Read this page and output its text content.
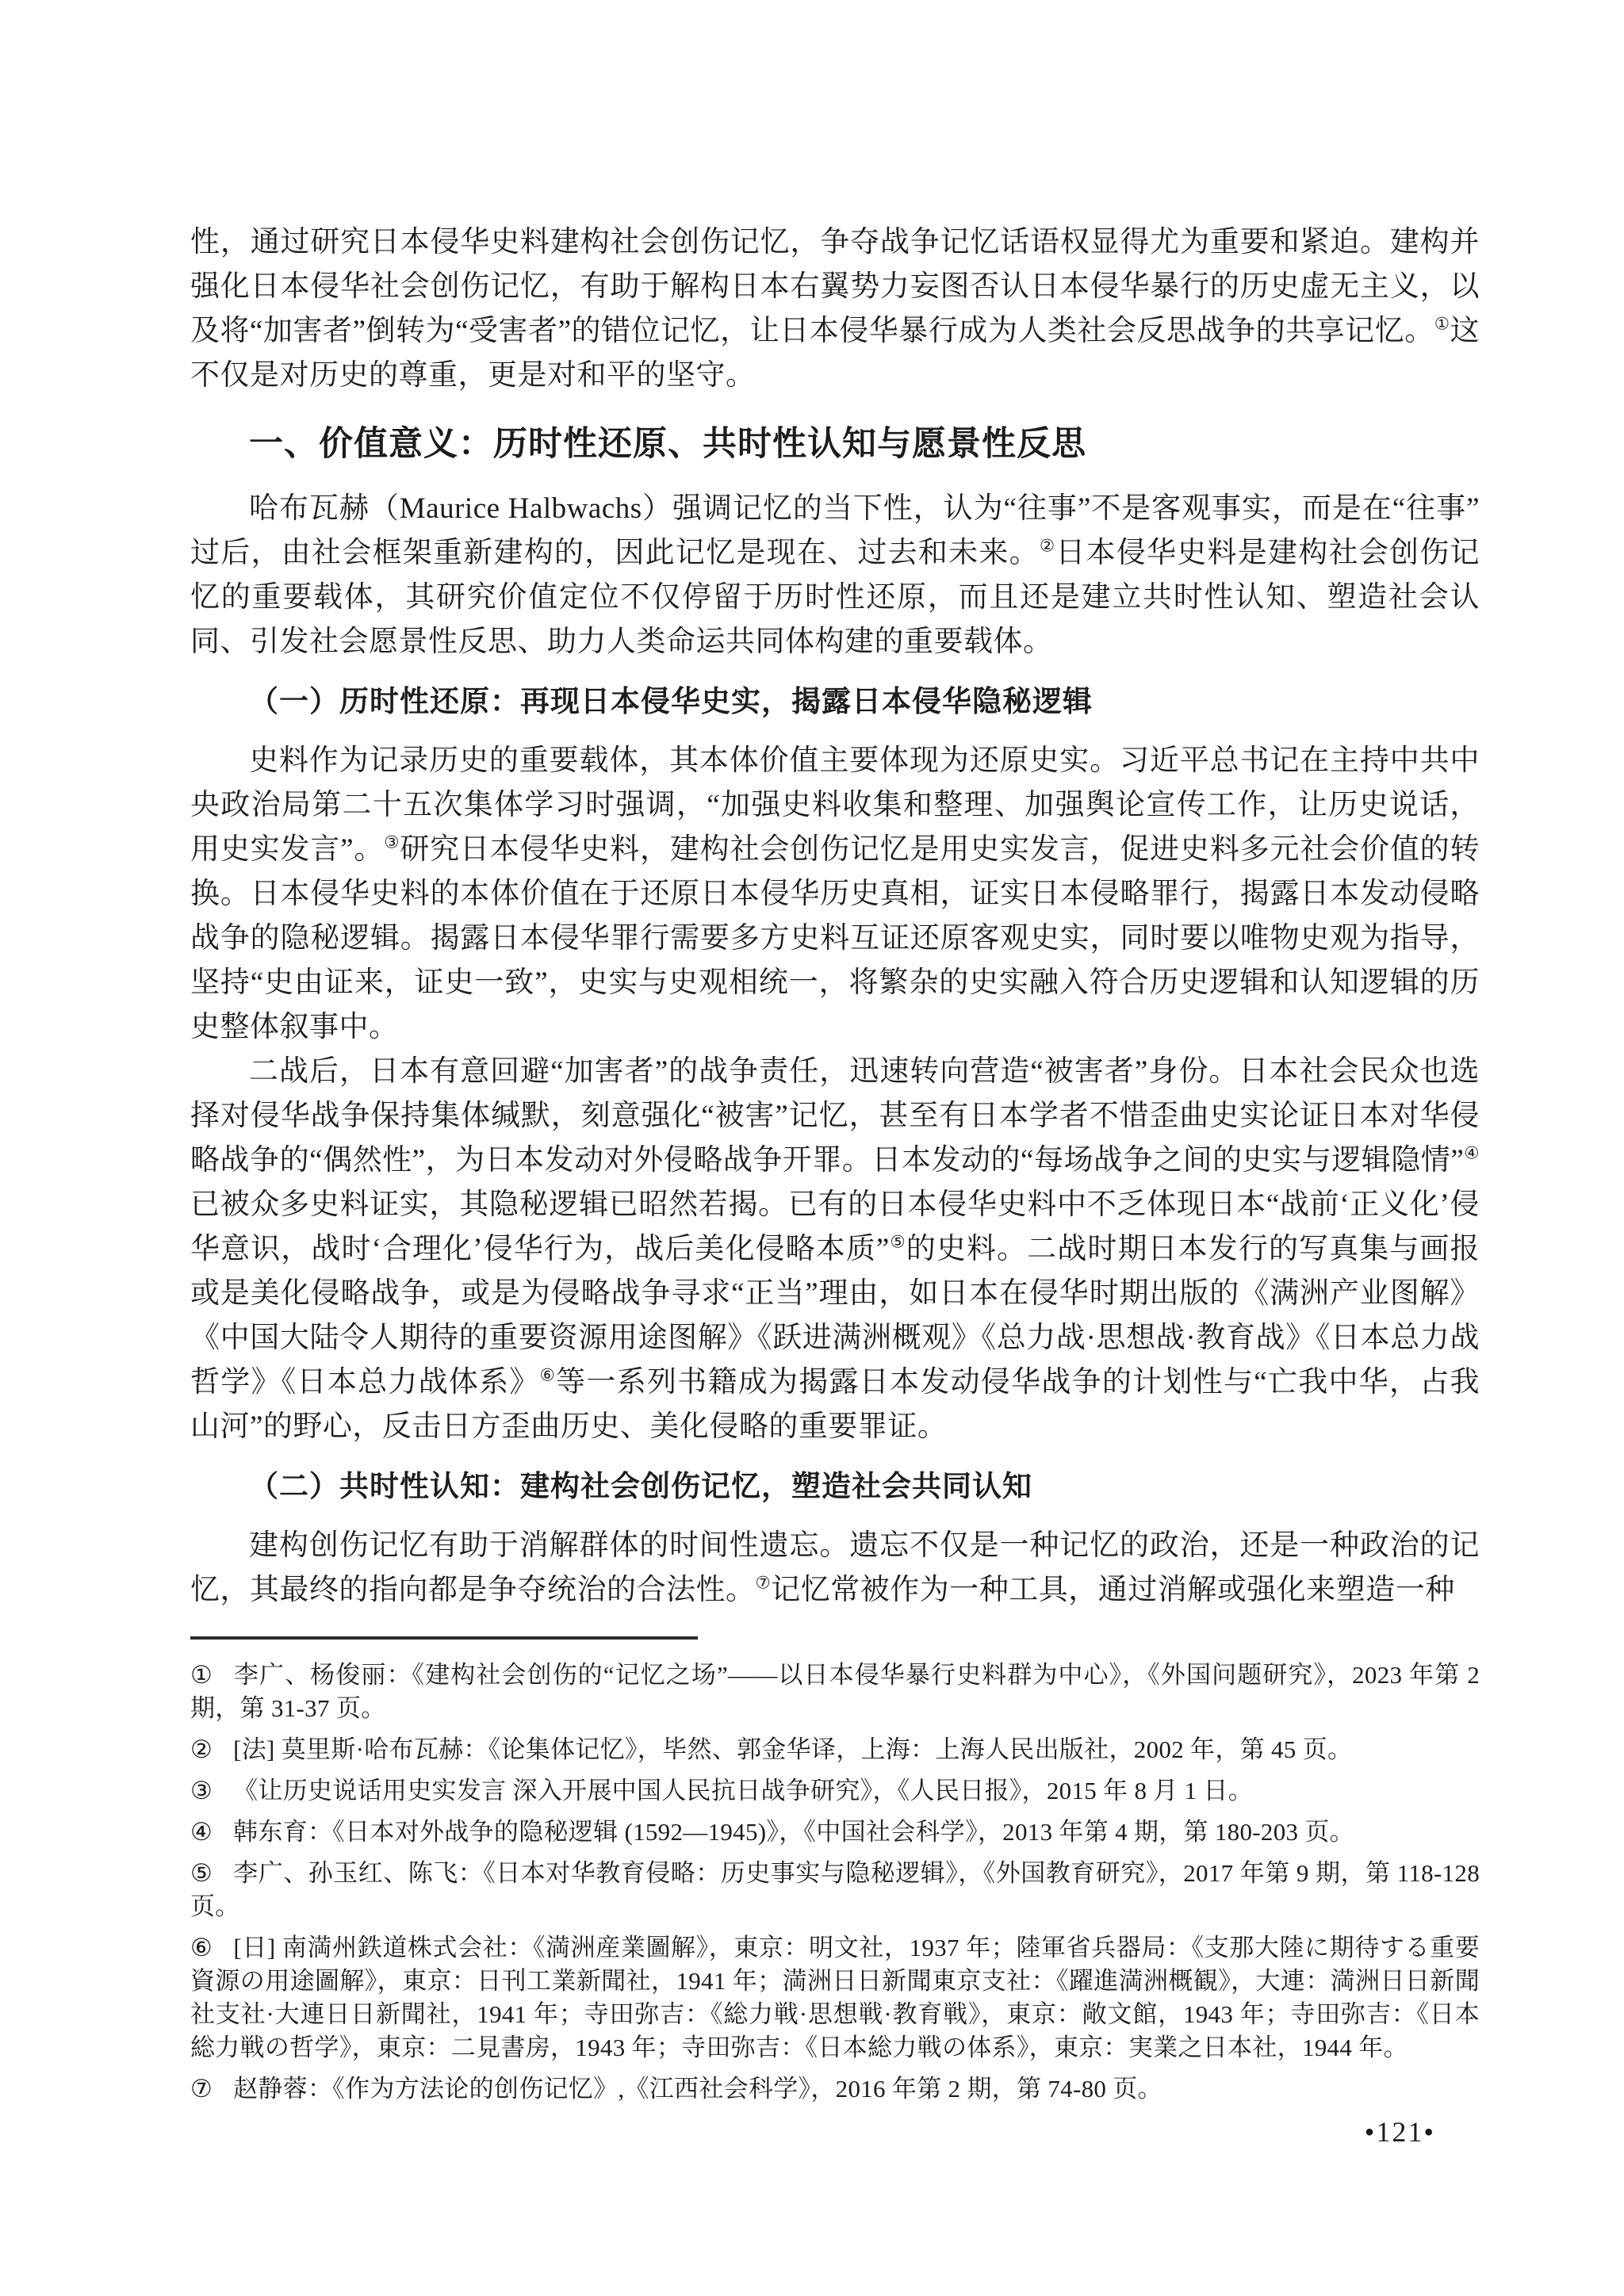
性，通过研究日本侵华史料建构社会创伤记忆，争夺战争记忆话语权显得尤为重要和紧迫。建构并强化日本侵华社会创伤记忆，有助于解构日本右翼势力妄图否认日本侵华暴行的历史虚无主义，以及将“加害者”倒转为“受害者”的错位记忆，让日本侵华暴行成为人类社会反思战争的共享记忆。①这不仅是对历史的尊重，更是对和平的坚守。

一、价值意义：历时性还原、共时性认知与愿景性反思

哈布瓦赫（Maurice Halbwachs）强调记忆的当下性，认为“往事”不是客观事实，而是在“往事”过后，由社会框架重新建构的，因此记忆是现在、过去和未来。②日本侵华史料是建构社会创伤记忆的重要载体，其研究价值定位不仅停留于历时性还原，而且还是建立共时性认知、塑造社会认同、引发社会愿景性反思、助力人类命运共同体构建的重要载体。

（一）历时性还原：再现日本侵华史实，揭露日本侵华隐秘逻辑

史料作为记录历史的重要载体，其本体价值主要体现为还原史实。习近平总书记在主持中共中央政治局第二十五次集体学习时强调，“加强史料收集和整理、加强舆论宣传工作，让历史说话，用史实发言”。③研究日本侵华史料，建构社会创伤记忆是用史实发言，促进史料多元社会价值的转换。日本侵华史料的本体价值在于还原日本侵华历史真相，证实日本侵略罪行，揭露日本发动侵略战争的隐秘逻辑。揭露日本侵华罪行需要多方史料互证还原客观史实，同时要以唯物史观为指导，坚持“史由证来，证史一致”，史实与史观相统一，将繁杂的史实融入符合历史逻辑和认知逻辑的历史整体叙事中。

二战后，日本有意回避“加害者”的战争责任，迅速转向营造“被害者”身份。日本社会民众也选择对侵华战争保持集体缄默，刻意强化“被害”记忆，甚至有日本学者不惜歪曲史实论证日本对华侵略战争的“偶然性”，为日本发动对外侵略战争开罪。日本发动的“每场战争之间的史实与逻辑隐情”④已被众多史料证实，其隐秘逻辑已昭然若揭。已有的日本侵华史料中不乏体现日本“战前‘正义化’侵华意识，战时‘合理化’侵华行为，战后美化侵略本质”⑤的史料。二战时期日本发行的写真集与画报或是美化侵略战争，或是为侵略战争寻求“正当”理由，如日本在侵华时期出版的《满洲产业图解》《中国大陆令人期待的重要资源用途图解》《跃进满洲概观》《总力战·思想战·教育战》《日本总力战哲学》《日本总力战体系》⑥等一系列书籍成为揭露日本发动侵华战争的计划性与“亡我中华，占我山河”的野心，反击日方歪曲历史、美化侵略的重要罪证。

（二）共时性认知：建构社会创伤记忆，塑造社会共同认知

建构创伤记忆有助于消解群体的时间性遗忘。遗忘不仅是一种记忆的政治，还是一种政治的记忆，其最终的指向都是争夺统治的合法性。⑦记忆常被作为一种工具，通过消解或强化来塑造一种

① 李广、杨俊丽：《建构社会创伤的“记忆之场”——以日本侵华暴行史料群为中心》，《外国问题研究》，2023 年第 2 期，第 31-37 页。

② [法] 莫里斯·哈布瓦赫：《论集体记忆》，毕然、郭金华译，上海：上海人民出版社，2002 年，第 45 页。

③ 《让历史说话用史实发言 深入开展中国人民抗日战争研究》，《人民日报》，2015 年 8 月 1 日。

④ 韩东育：《日本对外战争的隐秘逻辑 (1592—1945)》，《中国社会科学》，2013 年第 4 期，第 180-203 页。

⑤ 李广、孙玉红、陈飞：《日本对华教育侵略：历史事实与隐秘逻辑》，《外国教育研究》，2017 年第 9 期，第 118-128 页。

⑥ [日] 南満州鉄道株式会社：《満洲産業圖解》，東京：明文社，1937 年；陸軍省兵器局：《支那大陸に期待する重要資源の用途圖解》，東京：日刊工業新聞社，1941 年；満洲日日新聞東京支社：《躍進満洲概観》，大連：満洲日日新聞社支社·大連日日新聞社，1941 年；寺田弥吉：《総力戦·思想戦·教育戦》，東京：敞文館，1943 年；寺田弥吉：《日本総力戦の哲学》，東京：二見書房，1943 年；寺田弥吉：《日本総力戦の体系》，東京：実業之日本社，1944 年。

⑦ 赵静蓉：《作为方法论的创伤记忆》,《江西社会科学》，2016 年第 2 期，第 74-80 页。

•121•
